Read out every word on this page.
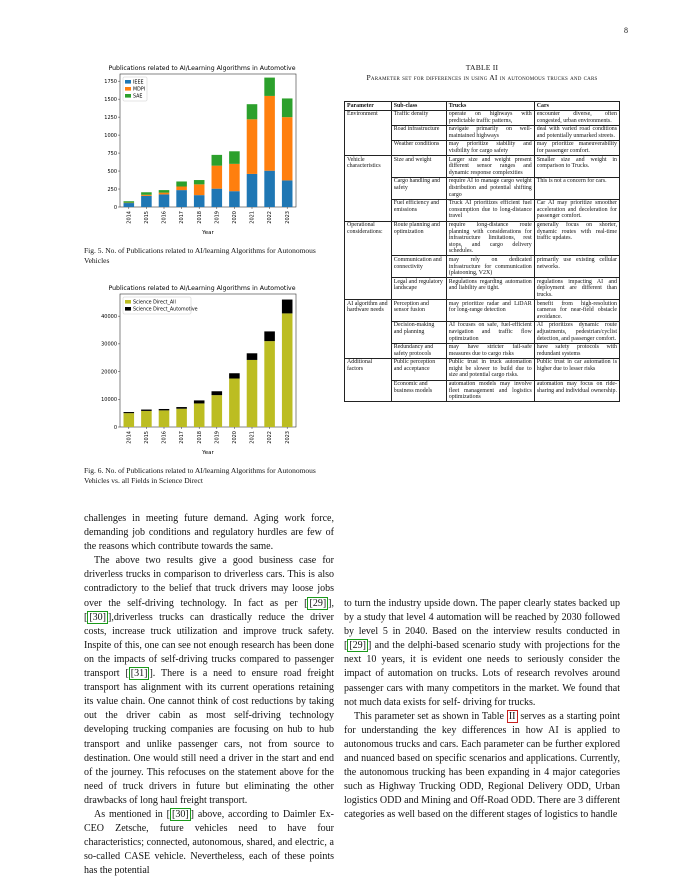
8
Publications related to AI/Learning Algorithms in Automotive
0
250
500
750
1000
1250
1500
1750
2014 2015 2016 2017 2018 2019 2020 2021 2022 2023
Year
IEEE
MDPI
SAE
Fig. 5. No. of Publications related to AI/learning Algorithms for Autonomous Vehicles
Publications related to AI/Learning Algorithms in Automotive
0
10000
20000
30000
40000
2014 2015 2016 2017 2018 2019 2020 2021 2022 2023
Year
Science Direct_All
Science Direct_Automotive
Fig. 6. No. of Publications related to AI/learning Algorithms for Autonomous Vehicles vs. all Fields in Science Direct

challenges in meeting future demand. Aging work force, demanding job conditions and regulatory hurdles are few of the reasons which contribute towards the same.

The above two results give a good business case for driverless trucks in comparison to driverless cars. This is also contradictory to the belief that truck drivers may loose jobs over the self-driving technology. In fact as per [ [29] ],[ [30] ],driverless trucks can drastically reduce the driver costs, increase truck utilization and improve truck safety. Inspite of this, one can see not enough research has been done on the impacts of self-driving trucks compared to passenger transport [ [31] ]. There is a need to ensure road freight transport has alignment with its current operations retaining its value chain. One cannot think of cost reductions by taking out the driver cabin as most self-driving technology developing trucking companies are focusing on hub to hub transport and unlike passenger cars, not from source to destination. One would still need a driver in the start and end of the journey. This refocuses on the statement above for the need of truck drivers in future but eliminating the other drawbacks of long haul freight transport.

As mentioned in [ [30] ] above, according to Daimler Ex-CEO Zetsche, future vehicles need to have four characteristics; connected, autonomous, shared, and electric, a so-called CASE vehicle. Nevertheless, each of these points has the potential

TABLE II
Parameter set for differences in using AI in autonomous trucks and cars
Parameter	Sub-class	Trucks	Cars
Environment	Traffic density	operate on highways with predictable traffic patterns,	encounter diverse, often congested, urban environments.
	Road infrastructure	navigate primarily on well-maintained highways	deal with varied road conditions and potentially unmarked streets.
	Weather conditions	may prioritize stability and visibility for cargo safety	may prioritize maneuverability for passenger comfort.
Vehicle characteristics	Size and weight	Larger size and weight present different sensor ranges and dynamic response complexities	Smaller size and weight in comparison to Trucks.
	Cargo handling and safety	require AI to manage cargo weight distribution and potential shifting cargo	This is not a concern for cars.
	Fuel efficiency and emissions	Truck AI prioritizes efficient fuel consumption due to long-distance travel	Car AI may prioritize smoother acceleration and deceleration for passenger comfort.
Operational considerations:	Route planning and optimization	require long-distance route planning with considerations for infrastructure limitations, rest stops, and cargo delivery schedules.	generally focus on shorter, dynamic routes with real-time traffic updates.
	Communication and connectivity	may rely on dedicated infrastructure for communication (platooning, V2X)	primarily use existing cellular networks.
	Legal and regulatory landscape	Regulations regarding automation and liability are tight.	regulations impacting AI and deployment are different than trucks.
AI algorithm and hardware needs	Perception and sensor fusion	may prioritize radar and LiDAR for long-range detection	benefit from high-resolution cameras for near-field obstacle avoidance.
	Decision-making and planning	AI focuses on safe, fuel-efficient navigation and traffic flow optimization	AI prioritizes dynamic route adjustments, pedestrian/cyclist detection, and passenger comfort.
	Redundancy and safety protocols	may have stricter fail-safe measures due to cargo risks	have safety protocols with redundant systems
Additional factors	Public perception and acceptance	Public trust in truck automation might be slower to build due to size and potential cargo risks.	Public trust in car automation is higher due to lesser risks
	Economic and business models	automation models may involve fleet management and logistics optimizations	automation may focus on ride-sharing and individual ownership.

to turn the industry upside down. The paper clearly states backed up by a study that level 4 automation will be reached by 2030 followed by level 5 in 2040. Based on the interview results conducted in [ [29] ] and the delphi-based scenario study with projections for the next 10 years, it is evident one needs to seriously consider the impact of automation on trucks. Lots of research revolves around passenger cars with many competitors in the market. We found that not much data exists for self- driving for trucks.

This parameter set as shown in Table II serves as a starting point for understanding the key differences in how AI is applied to autonomous trucks and cars. Each parameter can be further explored and nuanced based on specific scenarios and applications. Currently, the autonomous trucking has been expanding in 4 major categories such as Highway Trucking ODD, Regional Delivery ODD, Urban logistics ODD and Mining and Off-Road ODD. There are 3 different categories as well based on the different stages of logistics to handle
